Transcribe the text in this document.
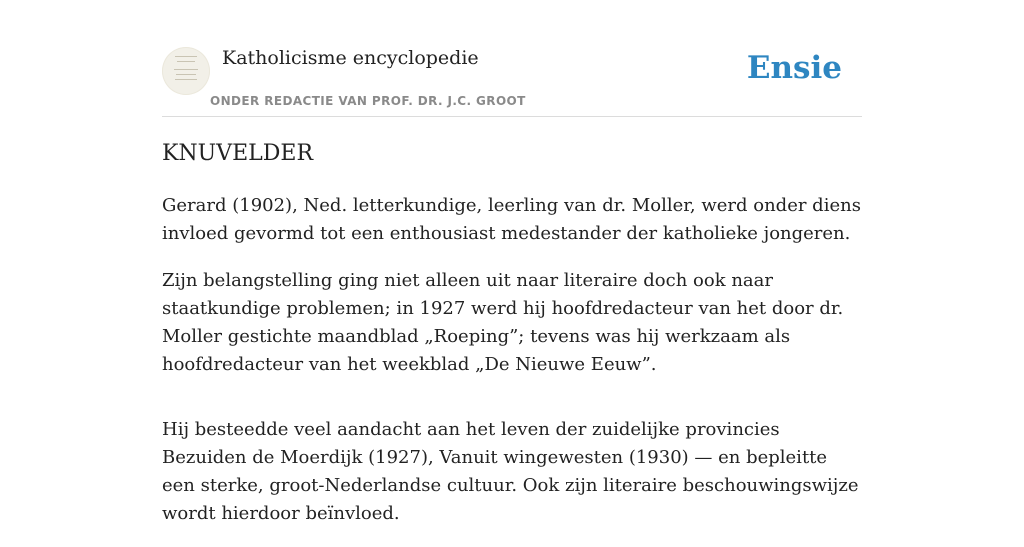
Katholicisme encyclopedie
ONDER REDACTIE VAN PROF. DR. J.C. GROOT
Ensie
KNUVELDER

Gerard (1902), Ned. letterkundige, leerling van dr. Moller, werd onder diens invloed gevormd tot een enthousiast medestander der katholieke jongeren.

Zijn belangstelling ging niet alleen uit naar literaire doch ook naar staatkundige problemen; in 1927 werd hij hoofdredacteur van het door dr. Moller gestichte maandblad „Roeping”; tevens was hij werkzaam als hoofdredacteur van het weekblad „De Nieuwe Eeuw”.

Hij besteedde veel aandacht aan het leven der zuidelijke provincies Bezuiden de Moerdijk (1927), Vanuit wingewesten (1930) — en bepleitte een sterke, groot-Nederlandse cultuur. Ook zijn literaire beschouwingswijze wordt hierdoor beïnvloed.
